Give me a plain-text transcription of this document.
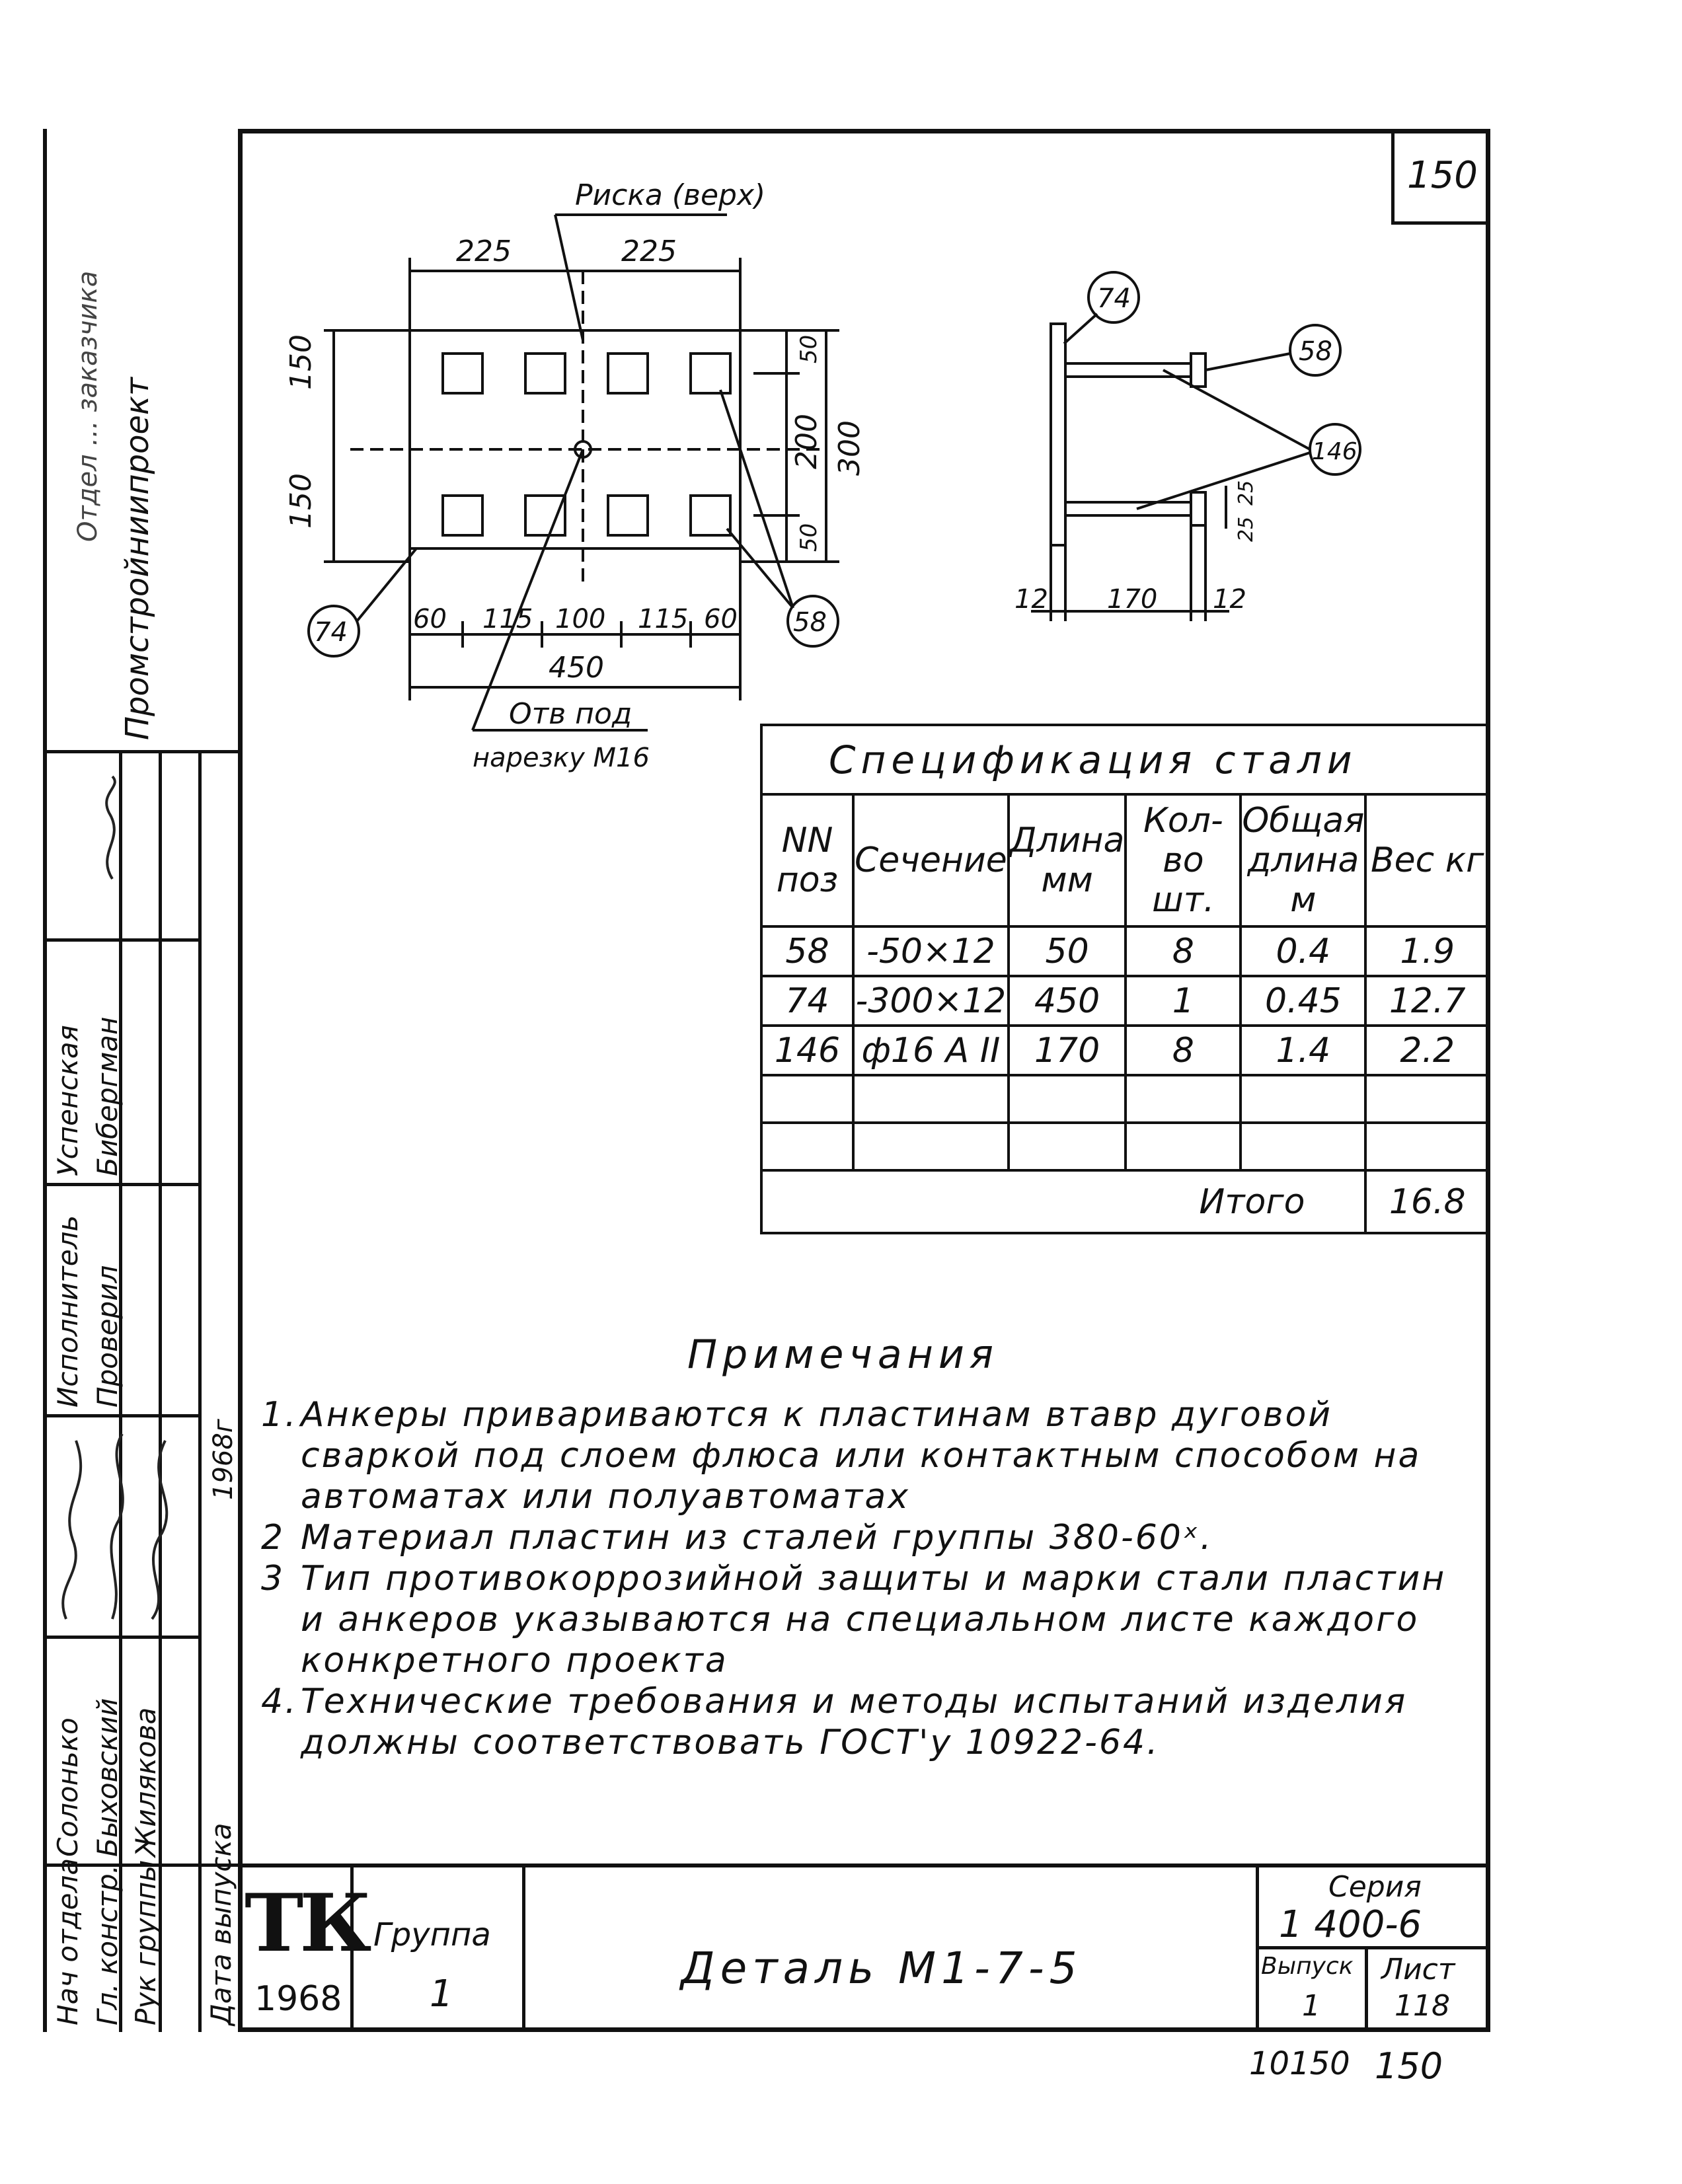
150
Риска (верх)
225	225
150
150
50
200
50
300
60 115 100 115 60
450
74	58
Отв под
нарезку М16
74
58
146
25
25
12 170 12
Спецификация стали					
NN поз	Сечение	Длина мм	Кол-во шт.	Общая длина м	Вес кг
58	-50×12	50	8	0.4	1.9
74	-300×12	450	1	0.45	12.7
146	ф16 А II	170	8	1.4	2.2

Итого					16.8
Примечания
1. Анкеры привариваются к пластинам втавр дуговой сваркой под слоем флюса или контактным способом на автоматах или полуавтоматах
2 Материал пластин из сталей группы 380-60ˣ.
3 Тип противокоррозийной защиты и марки стали пластин и анкеров указываются на специальном листе каждого конкретного проекта
4. Технические требования и методы испытаний изделия должны соответствовать ГОСТ'у 10922-64.
Промстройниипроект
Отдел ... заказчика
Исполнитель Проверил
Успенская Бибергман
Нач отдела Гл. констр. Рук группы
Солонько Быховский Жилякова
Дата выпуска
1968г
ТК
1968
Группа
1
Деталь М1-7-5
Серия
1 400-6
Выпуск
1
Лист
118
10150 150
